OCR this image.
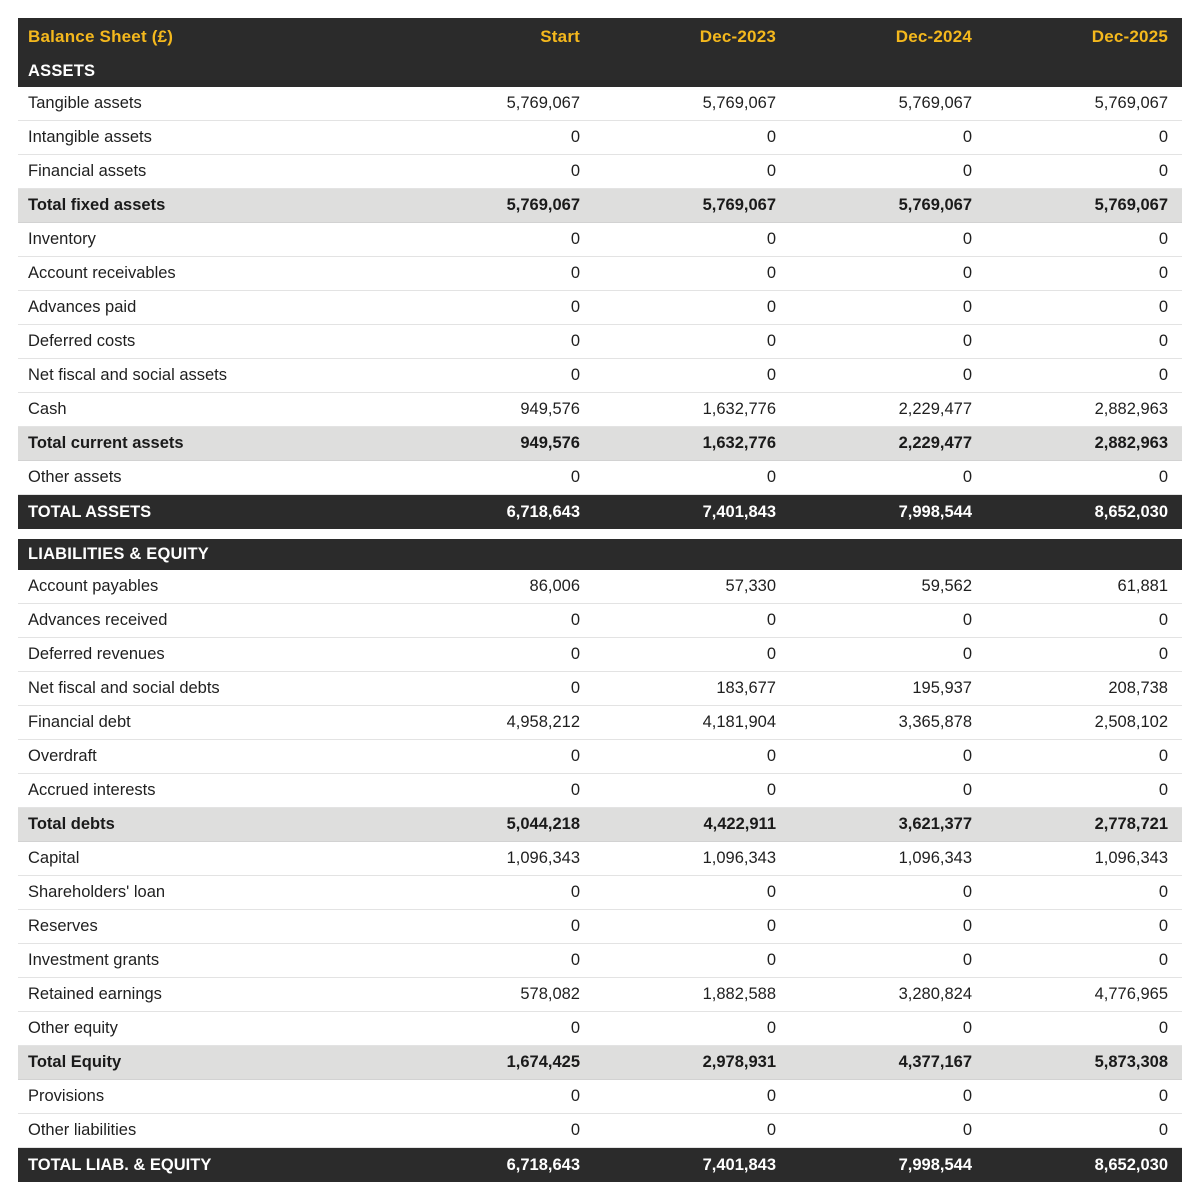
Balance Sheet (£)	Start	Dec-2023	Dec-2024	Dec-2025
ASSETS				
Tangible assets	5,769,067	5,769,067	5,769,067	5,769,067
Intangible assets	0	0	0	0
Financial assets	0	0	0	0
Total fixed assets	5,769,067	5,769,067	5,769,067	5,769,067
Inventory	0	0	0	0
Account receivables	0	0	0	0
Advances paid	0	0	0	0
Deferred costs	0	0	0	0
Net fiscal and social assets	0	0	0	0
Cash	949,576	1,632,776	2,229,477	2,882,963
Total current assets	949,576	1,632,776	2,229,477	2,882,963
Other assets	0	0	0	0
TOTAL ASSETS	6,718,643	7,401,843	7,998,544	8,652,030

LIABILITIES & EQUITY				
Account payables	86,006	57,330	59,562	61,881
Advances received	0	0	0	0
Deferred revenues	0	0	0	0
Net fiscal and social debts	0	183,677	195,937	208,738
Financial debt	4,958,212	4,181,904	3,365,878	2,508,102
Overdraft	0	0	0	0
Accrued interests	0	0	0	0
Total debts	5,044,218	4,422,911	3,621,377	2,778,721
Capital	1,096,343	1,096,343	1,096,343	1,096,343
Shareholders' loan	0	0	0	0
Reserves	0	0	0	0
Investment grants	0	0	0	0
Retained earnings	578,082	1,882,588	3,280,824	4,776,965
Other equity	0	0	0	0
Total Equity	1,674,425	2,978,931	4,377,167	5,873,308
Provisions	0	0	0	0
Other liabilities	0	0	0	0
TOTAL LIAB. & EQUITY	6,718,643	7,401,843	7,998,544	8,652,030
